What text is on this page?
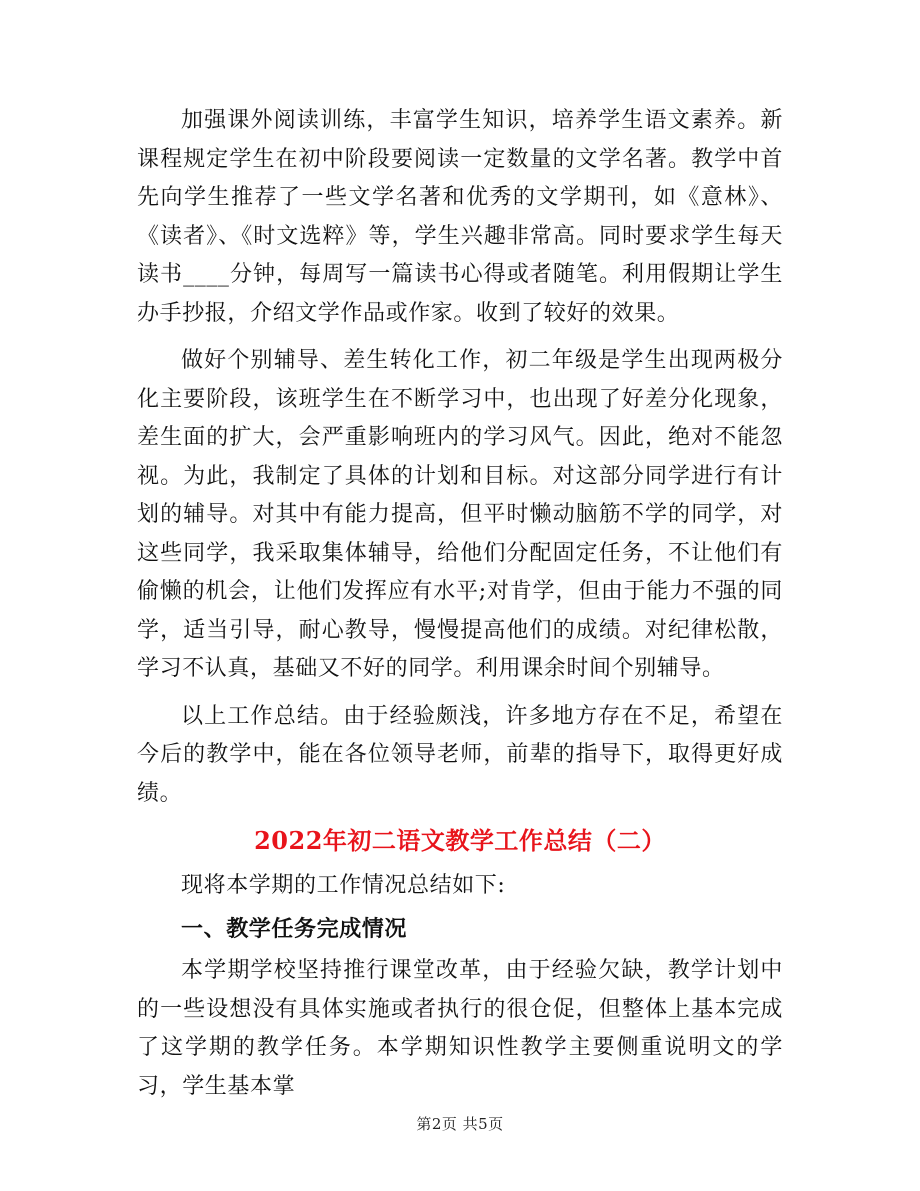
加强课外阅读训练，丰富学生知识，培养学生语文素养。新课程规定学生在初中阶段要阅读一定数量的文学名著。教学中首先向学生推荐了一些文学名著和优秀的文学期刊，如《意林》、《读者》、《时文选粹》等，学生兴趣非常高。同时要求学生每天读书____分钟，每周写一篇读书心得或者随笔。利用假期让学生办手抄报，介绍文学作品或作家。收到了较好的效果。

做好个别辅导、差生转化工作，初二年级是学生出现两极分化主要阶段，该班学生在不断学习中，也出现了好差分化现象，差生面的扩大，会严重影响班内的学习风气。因此，绝对不能忽视。为此，我制定了具体的计划和目标。对这部分同学进行有计划的辅导。对其中有能力提高，但平时懒动脑筋不学的同学，对这些同学，我采取集体辅导，给他们分配固定任务，不让他们有偷懒的机会，让他们发挥应有水平;对肯学，但由于能力不强的同学，适当引导，耐心教导，慢慢提高他们的成绩。对纪律松散，学习不认真，基础又不好的同学。利用课余时间个别辅导。

以上工作总结。由于经验颇浅，许多地方存在不足，希望在今后的教学中，能在各位领导老师，前辈的指导下，取得更好成绩。

2022年初二语文教学工作总结（二）

现将本学期的工作情况总结如下:

一、教学任务完成情况

本学期学校坚持推行课堂改革，由于经验欠缺，教学计划中的一些设想没有具体实施或者执行的很仓促，但整体上基本完成了这学期的教学任务。本学期知识性教学主要侧重说明文的学习，学生基本掌

第2页 共5页
